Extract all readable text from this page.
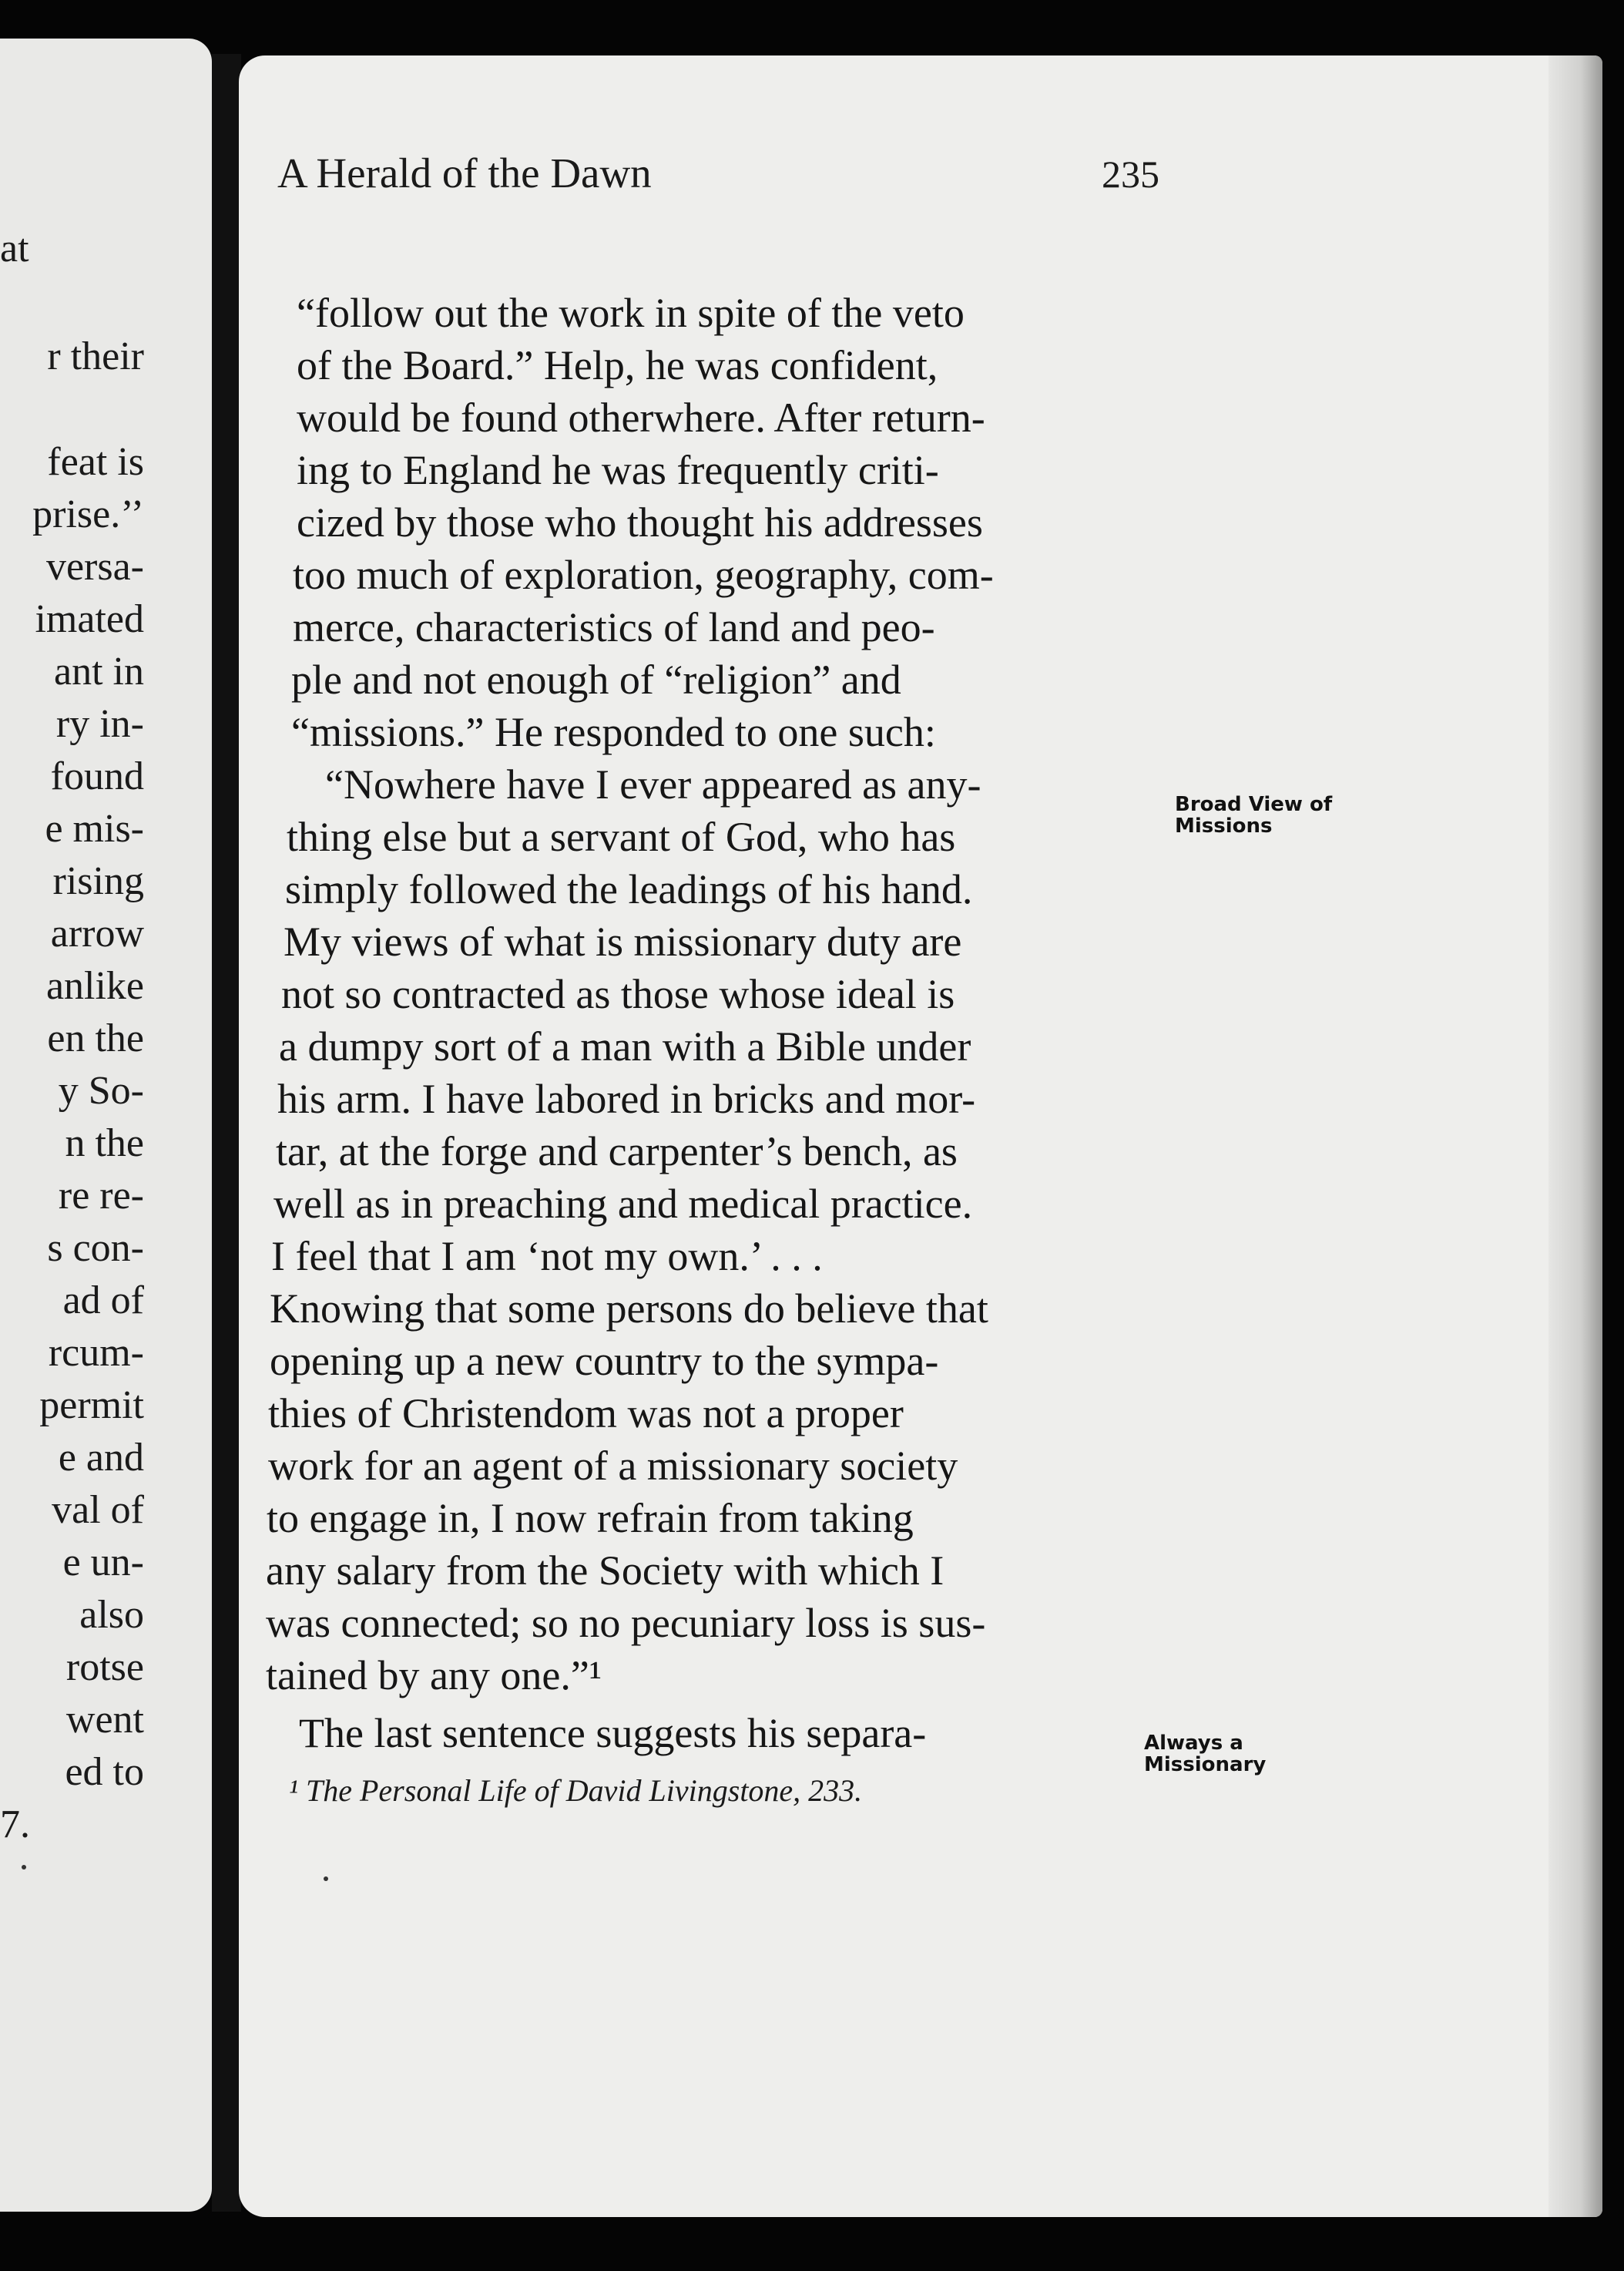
at
r their
feat is
prise.’’
versa-
imated
ant in
ry in-
found
e mis-
rising
arrow
anlike
en the
y So-
n the
re re-
s con-
ad of
rcum-
permit
e and
val of
e un-
also
rotse
went
ed to
7.
A Herald of the Dawn	235
“follow out the work in spite of the veto
of the Board.” Help, he was confident,
would be found otherwhere. After return-
ing to England he was frequently criti-
cized by those who thought his addresses
too much of exploration, geography, com-
merce, characteristics of land and peo-
ple and not enough of “religion” and
“missions.” He responded to one such:
“Nowhere have I ever appeared as any-
thing else but a servant of God, who has
simply followed the leadings of his hand.
My views of what is missionary duty are
not so contracted as those whose ideal is
a dumpy sort of a man with a Bible under
his arm. I have labored in bricks and mor-
tar, at the forge and carpenter’s bench, as
well as in preaching and medical practice.
I feel that I am ‘not my own.’ . . .
Knowing that some persons do believe that
opening up a new country to the sympa-
thies of Christendom was not a proper
work for an agent of a missionary society
to engage in, I now refrain from taking
any salary from the Society with which I
was connected; so no pecuniary loss is sus-
tained by any one.”¹
The last sentence suggests his separa-
¹ The Personal Life of David Livingstone, 233.
Broad View of
Missions
Always a
Missionary
